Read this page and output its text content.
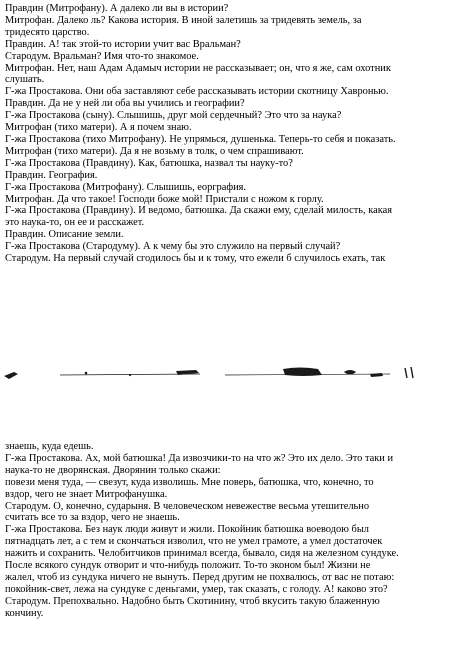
Правдин (Митрофану). А далеко ли вы в истории?
Митрофан. Далеко ль? Какова история. В иной залетишь за тридевять земель, за
тридесято царство.
Правдин. А! так этой-то истории учит вас Вральман?
Стародум. Вральман? Имя что-то знакомое.
Митрофан. Нет, наш Адам Адамыч истории не рассказывает; он, что я же, сам охотник
слушать.
Г-жа Простакова. Они оба заставляют себе рассказывать истории скотницу Хавронью.
Правдин. Да не у ней ли оба вы учились и географии?
Г-жа Простакова (сыну). Слышишь, друг мой сердечный? Это что за наука?
Митрофан (тихо матери). А я почем знаю.
Г-жа Простакова (тихо Митрофану). Не упрямься, душенька. Теперь-то себя и показать.
Митрофан (тихо матери). Да я не возьму в толк, о чем спрашивают.
Г-жа Простакова (Правдину). Как, батюшка, назвал ты науку-то?
Правдин. География.
Г-жа Простакова (Митрофану). Слышишь, еорграфия.
Митрофан. Да что такое! Господи боже мой! Пристали с ножом к горлу.
Г-жа Простакова (Правдину). И ведомо, батюшка. Да скажи ему, сделай милость, какая
это наука-то, он ее и расскажет.
Правдин. Описание земли.
Г-жа Простакова (Стародуму). А к чему бы это служило на первый случай?
Стародум. На первый случай сгодилось бы и к тому, что ежели б случилось ехать, так
знаешь, куда едешь.
Г-жа Простакова. Ах, мой батюшка! Да извозчики-то на что ж? Это их дело. Это таки и
наука-то не дворянская. Дворянин только скажи:
повези меня туда, — свезут, куда изволишь. Мне поверь, батюшка, что, конечно, то
вздор, чего не знает Митрофанушка.
Стародум. О, конечно, сударыня. В человеческом невежестве весьма утешительно
считать все то за вздор, чего не знаешь.
Г-жа Простакова. Без наук люди живут и жили. Покойник батюшка воеводою был
пятнадцать лет, а с тем и скончаться изволил, что не умел грамоте, а умел достаточек
нажить и сохранить. Челобитчиков принимал всегда, бывало, сидя на железном сундуке.
После всякого сундук отворит и что-нибудь положит. То-то эконом был! Жизни не
жалел, чтоб из сундука ничего не вынуть. Перед другим не похвалюсь, от вас не потаю:
покойник-свет, лежа на сундуке с деньгами, умер, так сказать, с голоду. А! каково это?
Стародум. Препохвально. Надобно быть Скотинину, чтоб вкусить такую блаженную
кончину.
